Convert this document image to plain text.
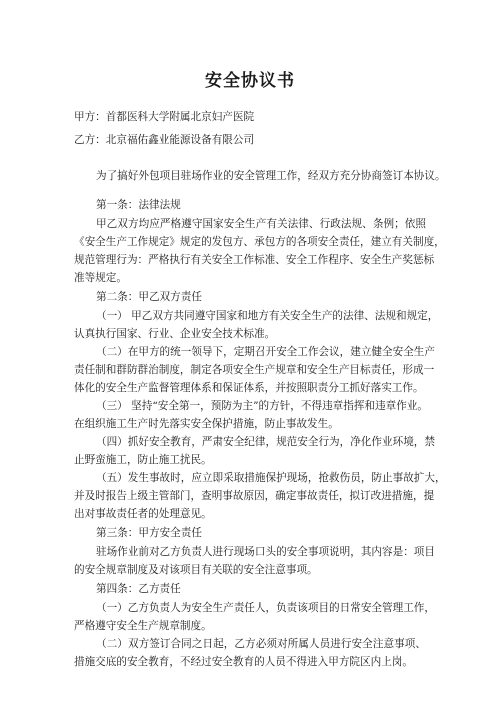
安全协议书
甲方：首都医科大学附属北京妇产医院
乙方：北京福佑鑫业能源设备有限公司
为了搞好外包项目驻场作业的安全管理工作，经双方充分协商签订本协议。
第一条：法律法规
甲乙双方均应严格遵守国家安全生产有关法律、行政法规、条例；依照
《安全生产工作规定》规定的发包方、承包方的各项安全责任，建立有关制度，
规范管理行为：严格执行有关安全工作标准、安全工作程序、安全生产奖惩标
准等规定。
第二条：甲乙双方责任
（一） 甲乙双方共同遵守国家和地方有关安全生产的法律、法规和规定，
认真执行国家、行业、企业安全技术标准。
（二）在甲方的统一领导下，定期召开安全工作会议，建立健全安全生产
责任制和群防群治制度，制定各项安全生产规章和安全生产目标责任，形成一
体化的安全生产监督管理体系和保证体系，并按照职责分工抓好落实工作。
（三） 坚持“安全第一，预防为主”的方针，不得违章指挥和违章作业。
在组织施工生产时先落实安全保护措施，防止事故发生。
（四）抓好安全教育，严肃安全纪律，规范安全行为，净化作业环境，禁
止野蛮施工，防止施工扰民。
（五）发生事故时，应立即采取措施保护现场，抢救伤员，防止事故扩大，
并及时报告上级主管部门，查明事故原因，确定事故责任，拟订改进措施，提
出对事故责任者的处理意见。
第三条：甲方安全责任
驻场作业前对乙方负责人进行现场口头的安全事项说明，其内容是：项目
的安全规章制度及对该项目有关联的安全注意事项。
第四条：乙方责任
（一）乙方负责人为安全生产责任人，负责该项目的日常安全管理工作，
严格遵守安全生产规章制度。
（二）双方签订合同之日起，乙方必须对所属人员进行安全注意事项、
措施交底的安全教育，不经过安全教育的人员不得进入甲方院区内上岗。
